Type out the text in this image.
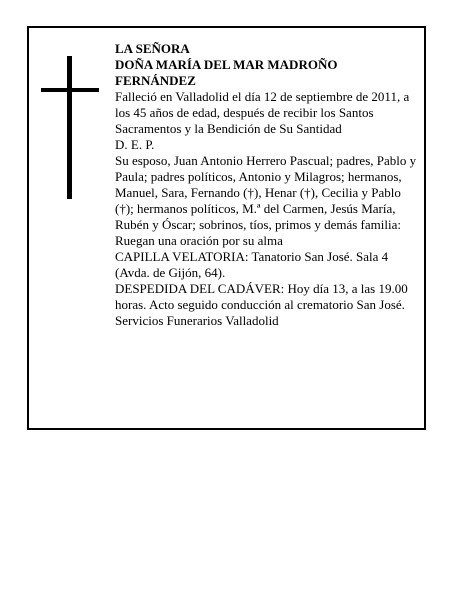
LA SEÑORA

DOÑA MARÍA DEL MAR MADROÑO FERNÁNDEZ

Falleció en Valladolid el día 12 de septiembre de 2011, a los 45 años de edad, después de recibir los Santos Sacramentos y la Bendición de Su Santidad

D. E. P.

Su esposo, Juan Antonio Herrero Pascual; padres, Pablo y Paula; padres políticos, Antonio y Milagros; hermanos, Manuel, Sara, Fernando (†), Henar (†), Cecilia y Pablo (†); hermanos políticos, M.ª del Carmen, Jesús María, Rubén y Óscar; sobrinos, tíos, primos y demás familia:

Ruegan una oración por su alma

CAPILLA VELATORIA: Tanatorio San José. Sala 4 (Avda. de Gijón, 64).

DESPEDIDA DEL CADÁVER: Hoy día 13, a las 19.00 horas. Acto seguido conducción al crematorio San José.

Servicios Funerarios Valladolid
